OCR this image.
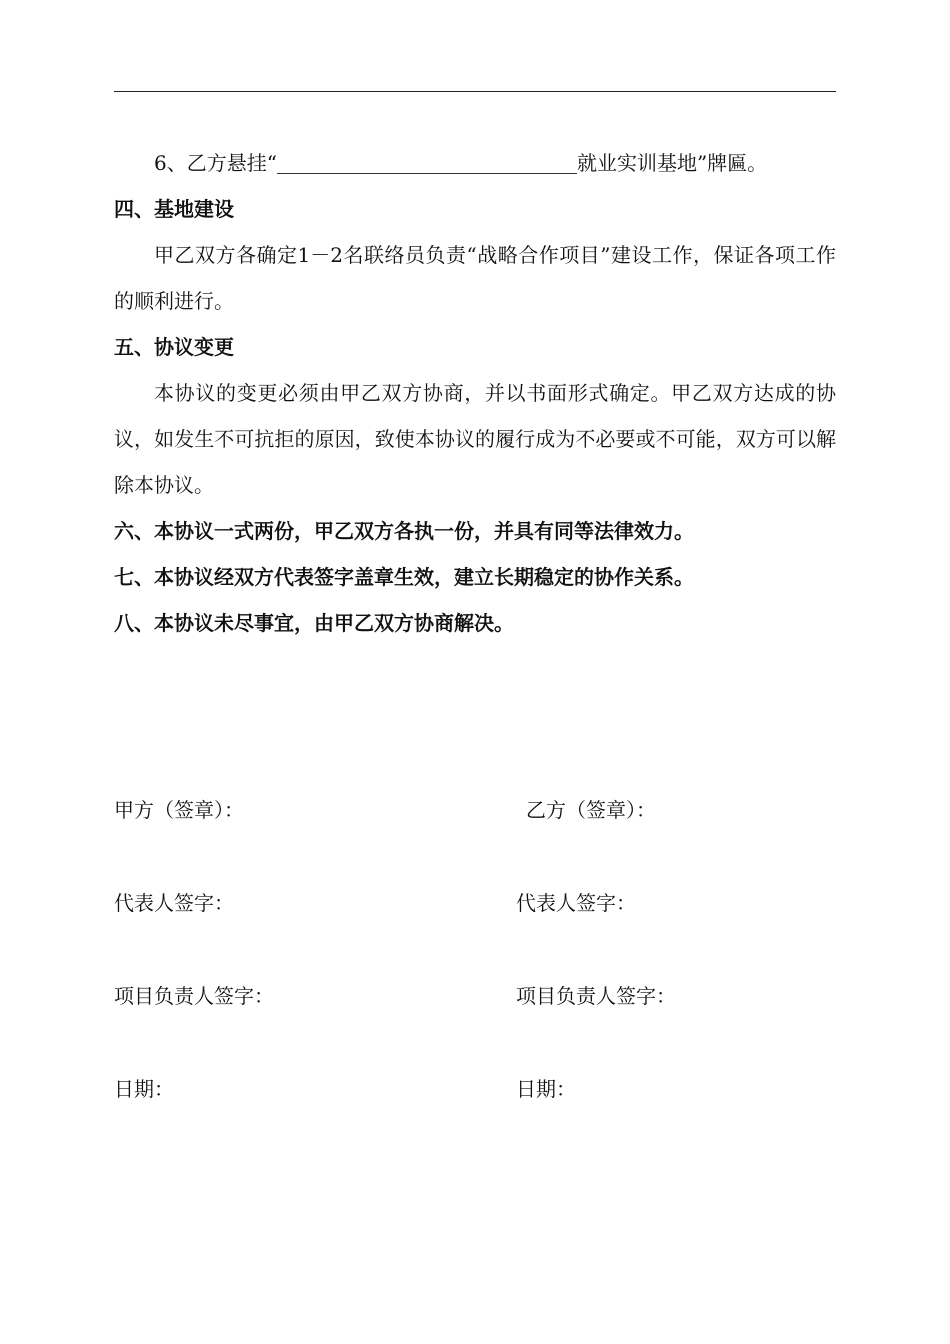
6、乙方悬挂“	就业实训基地”牌匾。

四、基地建设

甲乙双方各确定1－2名联络员负责“战略合作项目”建设工作，保证各项工作的顺利进行。

五、协议变更

本协议的变更必须由甲乙双方协商，并以书面形式确定。甲乙双方达成的协议，如发生不可抗拒的原因，致使本协议的履行成为不必要或不可能，双方可以解除本协议。

六、本协议一式两份，甲乙双方各执一份，并具有同等法律效力。

七、本协议经双方代表签字盖章生效，建立长期稳定的协作关系。

八、本协议未尽事宜，由甲乙双方协商解决。

甲方（签章）：	乙方（签章）：
代表人签字：	代表人签字：
项目负责人签字：	项目负责人签字：
日期：	日期：
